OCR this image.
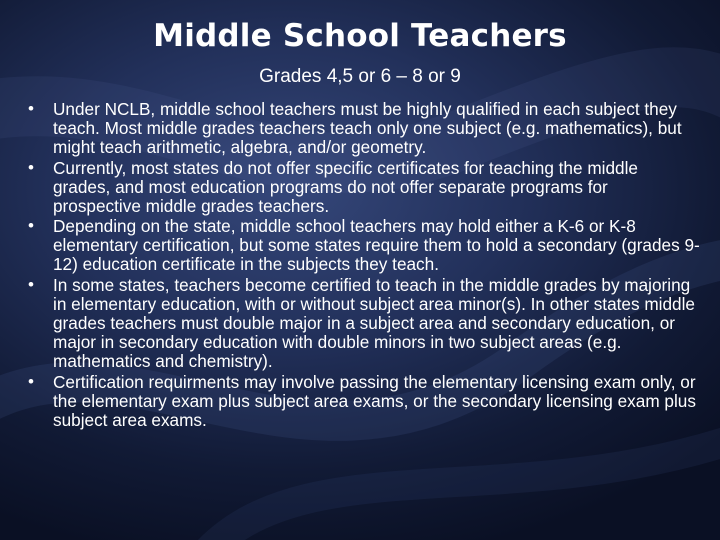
Middle School Teachers
Grades 4,5 or 6 – 8 or 9
•	Under NCLB, middle school teachers must be highly qualified in each subject they teach. Most middle grades teachers teach only one subject (e.g. mathematics), but might teach arithmetic, algebra, and/or geometry.
•	Currently, most states do not offer specific certificates for teaching the middle grades, and most education programs do not offer separate programs for prospective middle grades teachers.
•	Depending on the state, middle school teachers may hold either a K-6 or K-8 elementary certification, but some states require them to hold a secondary (grades 9-12) education certificate in the subjects they teach.
•	In some states, teachers become certified to teach in the middle grades by majoring in elementary education, with or without subject area minor(s). In other states middle grades teachers must double major in a subject area and secondary education, or major in secondary education with double minors in two subject areas (e.g. mathematics and chemistry).
•	Certification requirments may involve passing the elementary licensing exam only, or the elementary exam plus subject area exams, or the secondary licensing exam plus subject area exams.
